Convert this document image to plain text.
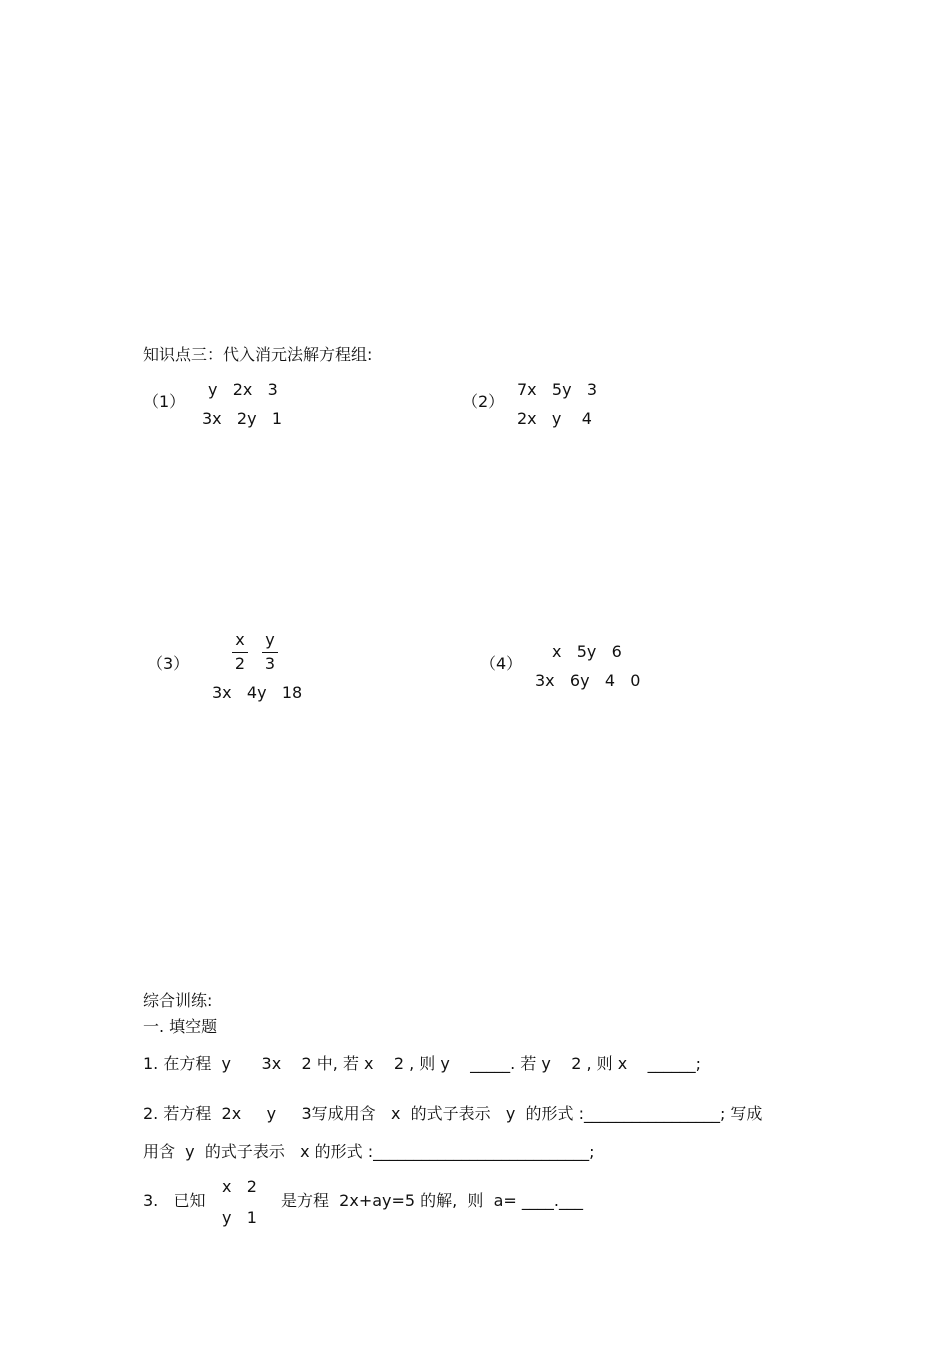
知识点三：代入消元法解方程组:
（1）
y   2x   3
3x   2y   1
（2）
7x   5y   3
2x   y    4
（3）
x
2
y
3
3x   4y   18
（4）
x   5y   6
3x   6y   4   0
综合训练:
一. 填空题
1. 在方程  y      3x    2 中, 若 x    2 , 则 y    _____. 若 y    2 , 则 x    ______;
2. 若方程  2x     y     3写成用含   x  的式子表示   y  的形式 :_________________; 写成
用含  y  的式子表示   x 的形式 :___________________________;
3.   已知
x   2
y   1
是方程  2x+ay=5 的解,  则  a= ____.___
